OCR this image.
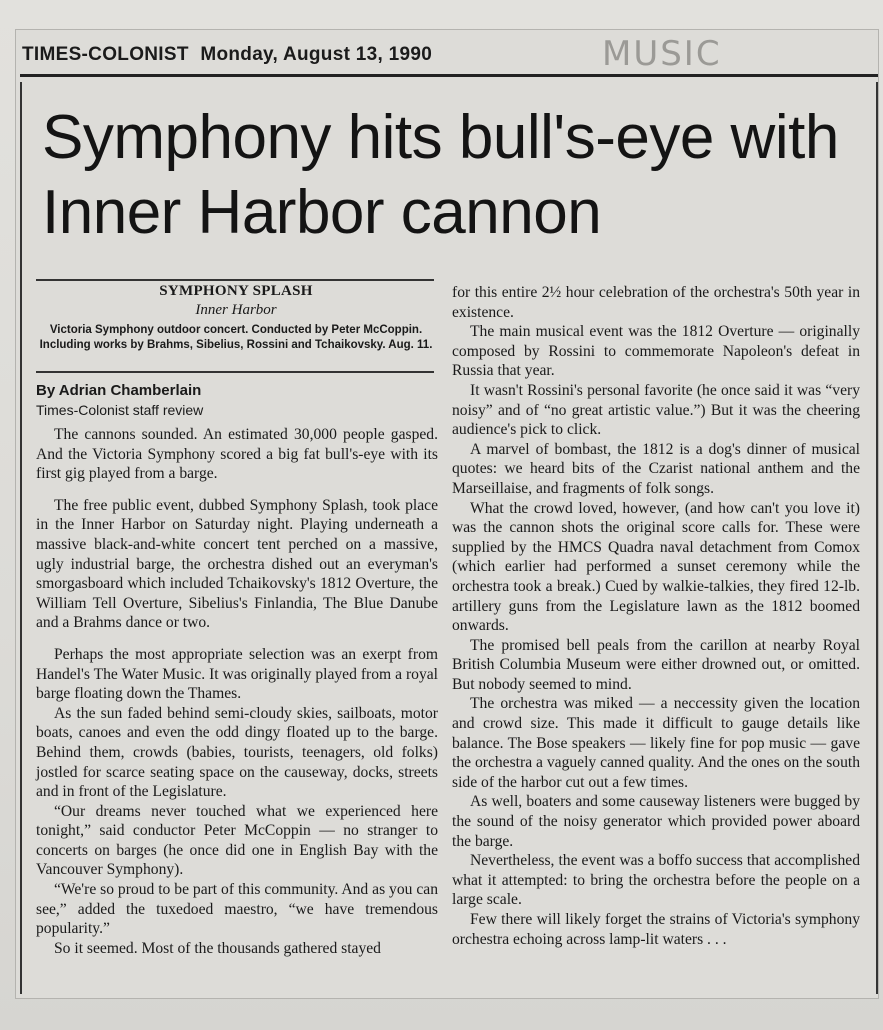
TIMES-COLONIST Monday, August 13, 1990	MUSIC
Symphony hits bull's-eye with Inner Harbor cannon
SYMPHONY SPLASH
Inner Harbor
Victoria Symphony outdoor concert. Conducted by Peter McCoppin. Including works by Brahms, Sibelius, Rossini and Tchaikovsky. Aug. 11.
By Adrian Chamberlain
Times-Colonist staff review

The cannons sounded. An estimated 30,000 people gasped. And the Victoria Symphony scored a big fat bull's-eye with its first gig played from a barge.

The free public event, dubbed Symphony Splash, took place in the Inner Harbor on Saturday night. Playing underneath a massive black-and-white concert tent perched on a massive, ugly industrial barge, the orchestra dished out an everyman's smorgasboard which included Tchaikovsky's 1812 Overture, the William Tell Overture, Sibelius's Finlandia, The Blue Danube and a Brahms dance or two.

Perhaps the most appropriate selection was an exerpt from Handel's The Water Music. It was originally played from a royal barge floating down the Thames.

As the sun faded behind semi-cloudy skies, sailboats, motor boats, canoes and even the odd dingy floated up to the barge. Behind them, crowds (babies, tourists, teenagers, old folks) jostled for scarce seating space on the causeway, docks, streets and in front of the Legislature.

“Our dreams never touched what we experienced here tonight,” said conductor Peter McCoppin — no stranger to concerts on barges (he once did one in English Bay with the Vancouver Symphony).

“We're so proud to be part of this community. And as you can see,” added the tuxedoed maestro, “we have tremendous popularity.”

So it seemed. Most of the thousands gathered stayed

for this entire 2½ hour celebration of the orchestra's 50th year in existence.

The main musical event was the 1812 Overture — originally composed by Rossini to commemorate Napoleon's defeat in Russia that year.

It wasn't Rossini's personal favorite (he once said it was “very noisy” and of “no great artistic value.”) But it was the cheering audience's pick to click.

A marvel of bombast, the 1812 is a dog's dinner of musical quotes: we heard bits of the Czarist national anthem and the Marseillaise, and fragments of folk songs.

What the crowd loved, however, (and how can't you love it) was the cannon shots the original score calls for. These were supplied by the HMCS Quadra naval detachment from Comox (which earlier had performed a sunset ceremony while the orchestra took a break.) Cued by walkie-talkies, they fired 12-lb. artillery guns from the Legislature lawn as the 1812 boomed onwards.

The promised bell peals from the carillon at nearby Royal British Columbia Museum were either drowned out, or omitted. But nobody seemed to mind.

The orchestra was miked — a neccessity given the location and crowd size. This made it difficult to gauge details like balance. The Bose speakers — likely fine for pop music — gave the orchestra a vaguely canned quality. And the ones on the south side of the harbor cut out a few times.

As well, boaters and some causeway listeners were bugged by the sound of the noisy generator which provided power aboard the barge.

Nevertheless, the event was a boffo success that accomplished what it attempted: to bring the orchestra before the people on a large scale.

Few there will likely forget the strains of Victoria's symphony orchestra echoing across lamp-lit waters . . .
